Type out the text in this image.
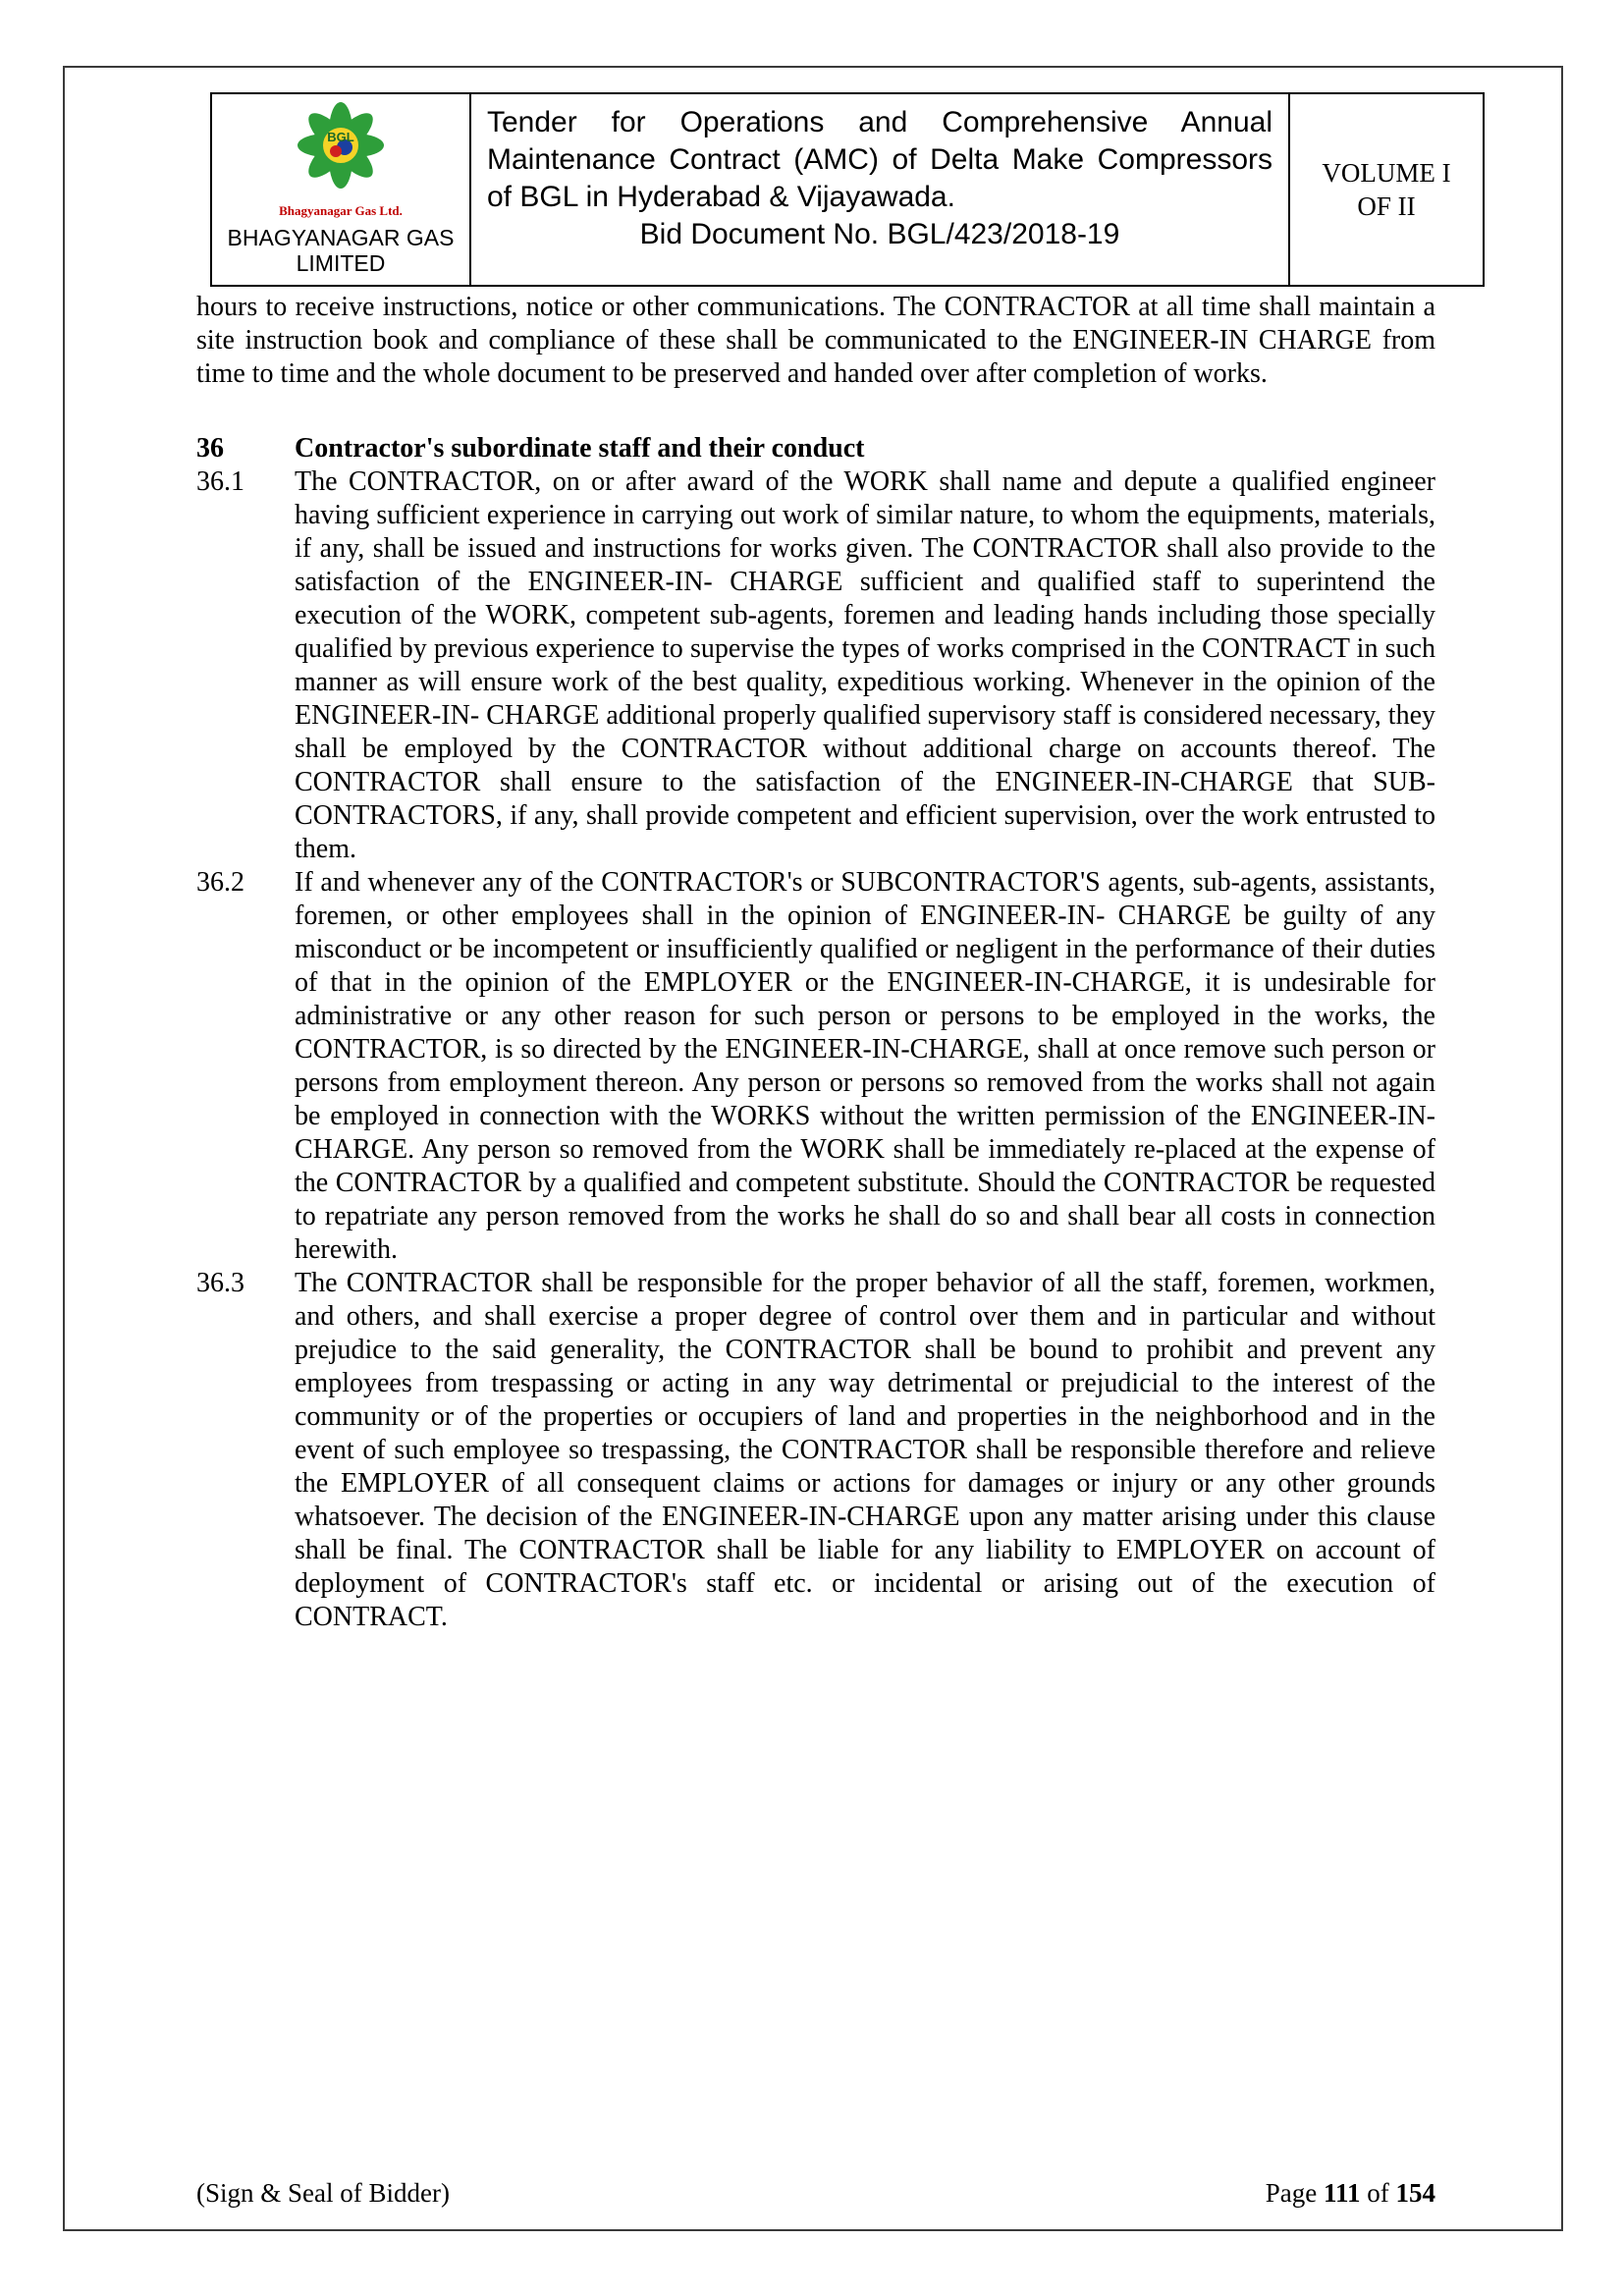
BGL
Bhagyanagar Gas Ltd.
BHAGYANAGAR GAS
LIMITED
Tender for Operations and Comprehensive Annual Maintenance Contract (AMC) of Delta Make Compressors of BGL in Hyderabad & Vijayawada.
Bid Document No. BGL/423/2018-19
VOLUME I
OF II

hours to receive instructions, notice or other communications. The CONTRACTOR at all time shall maintain a site instruction book and compliance of these shall be communicated to the ENGINEER-IN CHARGE from time to time and the whole document to be preserved and handed over after completion of works.

36	Contractor's subordinate staff and their conduct
36.1	The CONTRACTOR, on or after award of the WORK shall name and depute a qualified engineer having sufficient experience in carrying out work of similar nature, to whom the equipments, materials, if any, shall be issued and instructions for works given. The CONTRACTOR shall also provide to the satisfaction of the ENGINEER-IN- CHARGE sufficient and qualified staff to superintend the execution of the WORK, competent sub-agents, foremen and leading hands including those specially qualified by previous experience to supervise the types of works comprised in the CONTRACT in such manner as will ensure work of the best quality, expeditious working. Whenever in the opinion of the ENGINEER-IN- CHARGE additional properly qualified supervisory staff is considered necessary, they shall be employed by the CONTRACTOR without additional charge on accounts thereof. The CONTRACTOR shall ensure to the satisfaction of the ENGINEER-IN-CHARGE that SUB- CONTRACTORS, if any, shall provide competent and efficient supervision, over the work entrusted to them.
36.2	If and whenever any of the CONTRACTOR's or SUBCONTRACTOR'S agents, sub-agents, assistants, foremen, or other employees shall in the opinion of ENGINEER-IN- CHARGE be guilty of any misconduct or be incompetent or insufficiently qualified or negligent in the performance of their duties of that in the opinion of the EMPLOYER or the ENGINEER-IN-CHARGE, it is undesirable for administrative or any other reason for such person or persons to be employed in the works, the CONTRACTOR, is so directed by the ENGINEER-IN-CHARGE, shall at once remove such person or persons from employment thereon. Any person or persons so removed from the works shall not again be employed in connection with the WORKS without the written permission of the ENGINEER-IN- CHARGE. Any person so removed from the WORK shall be immediately re-placed at the expense of the CONTRACTOR by a qualified and competent substitute. Should the CONTRACTOR be requested to repatriate any person removed from the works he shall do so and shall bear all costs in connection herewith.
36.3	The CONTRACTOR shall be responsible for the proper behavior of all the staff, foremen, workmen, and others, and shall exercise a proper degree of control over them and in particular and without prejudice to the said generality, the CONTRACTOR shall be bound to prohibit and prevent any employees from trespassing or acting in any way detrimental or prejudicial to the interest of the community or of the properties or occupiers of land and properties in the neighborhood and in the event of such employee so trespassing, the CONTRACTOR shall be responsible therefore and relieve the EMPLOYER of all consequent claims or actions for damages or injury or any other grounds whatsoever. The decision of the ENGINEER-IN-CHARGE upon any matter arising under this clause shall be final. The CONTRACTOR shall be liable for any liability to EMPLOYER on account of deployment of CONTRACTOR's staff etc. or incidental or arising out of the execution of CONTRACT.
(Sign & Seal of Bidder)	Page 111 of 154
